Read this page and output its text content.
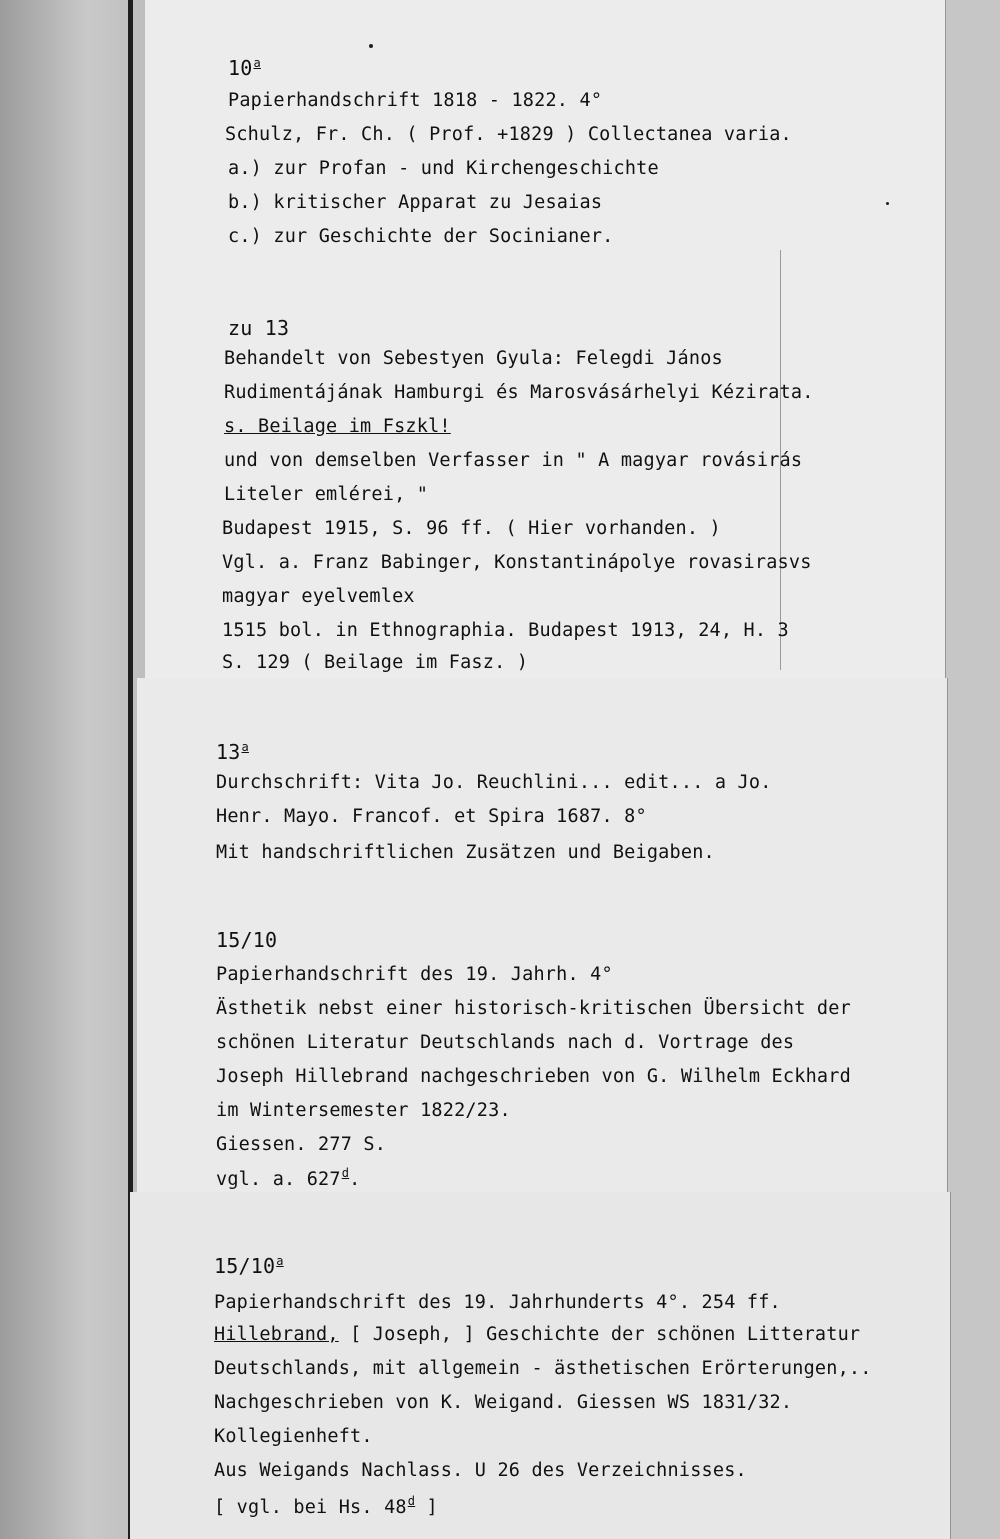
10$^a$
Papierhandschrift 1818 - 1822. 4°
Schulz, Fr. Ch. ( Prof. +1829 ) Collectanea varia.
a.) zur Profan - und Kirchengeschichte
b.) kritischer Apparat zu Jesaias
c.) zur Geschichte der Socinianer.
zu 13
Behandelt von Sebestyen Gyula: Felegdi János
Rudimentájának Hamburgi és Marosvásárhelyi Kézirata.
s. Beilage im Fszkl!
und von demselben Verfasser in " A magyar rovásirás
Liteler emlérei, "
Budapest 1915, S. 96 ff. ( Hier vorhanden. )
Vgl. a. Franz Babinger, Konstantinápolye rovasirasvs
magyar eyelvemlex
1515 bol. in Ethnographia. Budapest 1913, 24, H. 3
S. 129 ( Beilage im Fasz. )
13$^a$
Durchschrift: Vita Jo. Reuchlini... edit... a Jo.
Henr. Mayo. Francof. et Spira 1687. 8°
Mit handschriftlichen Zusätzen und Beigaben.
15/10
Papierhandschrift des 19. Jahrh. 4°
Ästhetik nebst einer historisch-kritischen Übersicht der
schönen Literatur Deutschlands nach d. Vortrage des
Joseph Hillebrand nachgeschrieben von G. Wilhelm Eckhard
im Wintersemester 1822/23.
Giessen. 277 S.
vgl. a. 627$^d$.
15/10$^a$
Papierhandschrift des 19. Jahrhunderts 4°. 254 ff.
Hillebrand, [ Joseph, ] Geschichte der schönen Litteratur
Deutschlands, mit allgemein - ästhetischen Erörterungen,..
Nachgeschrieben von K. Weigand. Giessen WS 1831/32.
Kollegienheft.
Aus Weigands Nachlass. U 26 des Verzeichnisses.
[ vgl. bei Hs. 48$^d$ ]
